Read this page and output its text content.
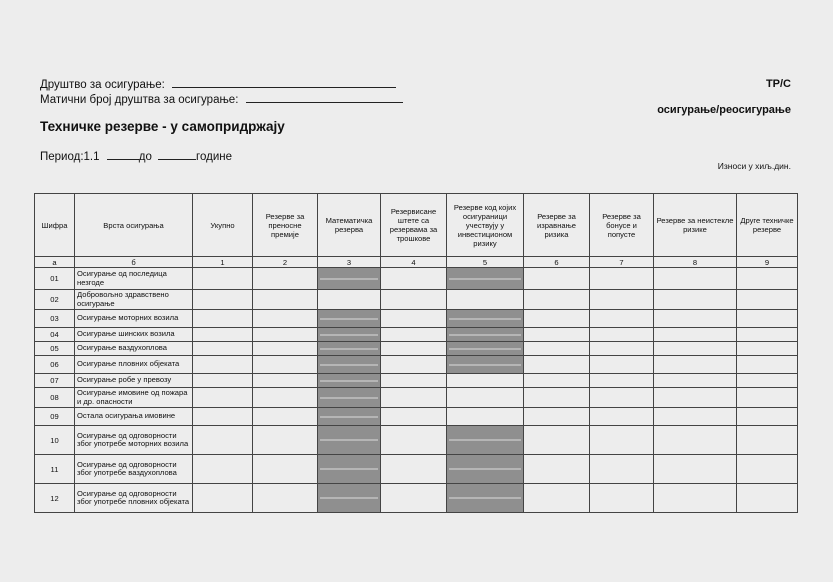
Друштво за осигурање:
Матични број друштва за осигурање:
ТР/С
осигурање/реосигурање
Техничке резерве - у самопридржају
Период:1.1	до	године
Износи у хиљ.дин.
Шифра	Врста осигурања	Укупно	Резерве за преносне премије	Математичка резерва	Резервисане штете са резервама за трошкове	Резерве код којих осигураници учествују у инвестиционом ризику	Резерве за изравнање ризика	Резерве за бонусе и попусте	Резерве за неистекле ризике	Друге техничке резерве
а	б	1	2	3	4	5	6	7	8	9
01	Осигурање од последица незгоде			

02	Добровољно здравствено осигурање									
03	Осигурање моторних возила			

04	Осигурање шинских возила			

05	Осигурање ваздухоплова			

06	Осигурање пловних објеката			

07	Осигурање робе у превозу			

08	Осигурање имовине од пожара и др. опасности			

09	Остала осигурања имовине			

10	Осигурање од одговорности због употребе моторних возила			

11	Осигурање од одговорности због употребе ваздухоплова			

12	Осигурање од одговорности због употребе пловних објеката			
